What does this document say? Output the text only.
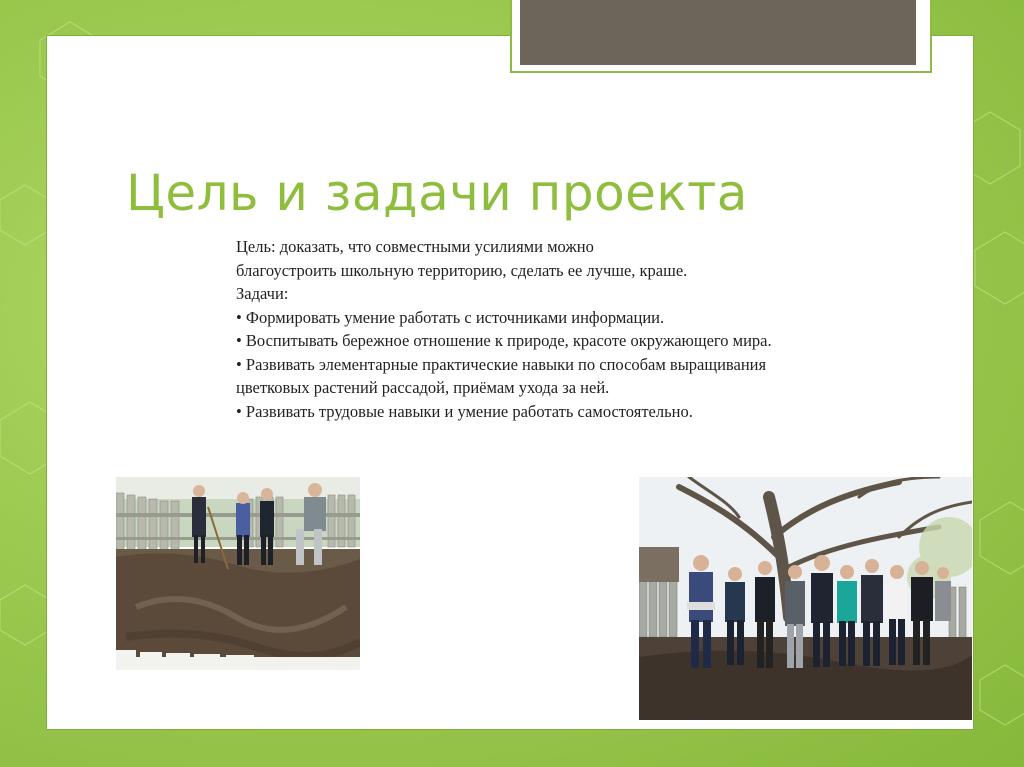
Цель и задачи проекта

Цель: доказать, что совместными усилиями можно
благоустроить школьную территорию, сделать ее лучше, краше.

Задачи:

• Формировать умение работать с источниками информации.

• Воспитывать бережное отношение к природе, красоте окружающего мира.

• Развивать элементарные практические навыки по способам выращивания цветковых растений рассадой, приёмам ухода за ней.

• Развивать трудовые навыки и умение работать самостоятельно.
